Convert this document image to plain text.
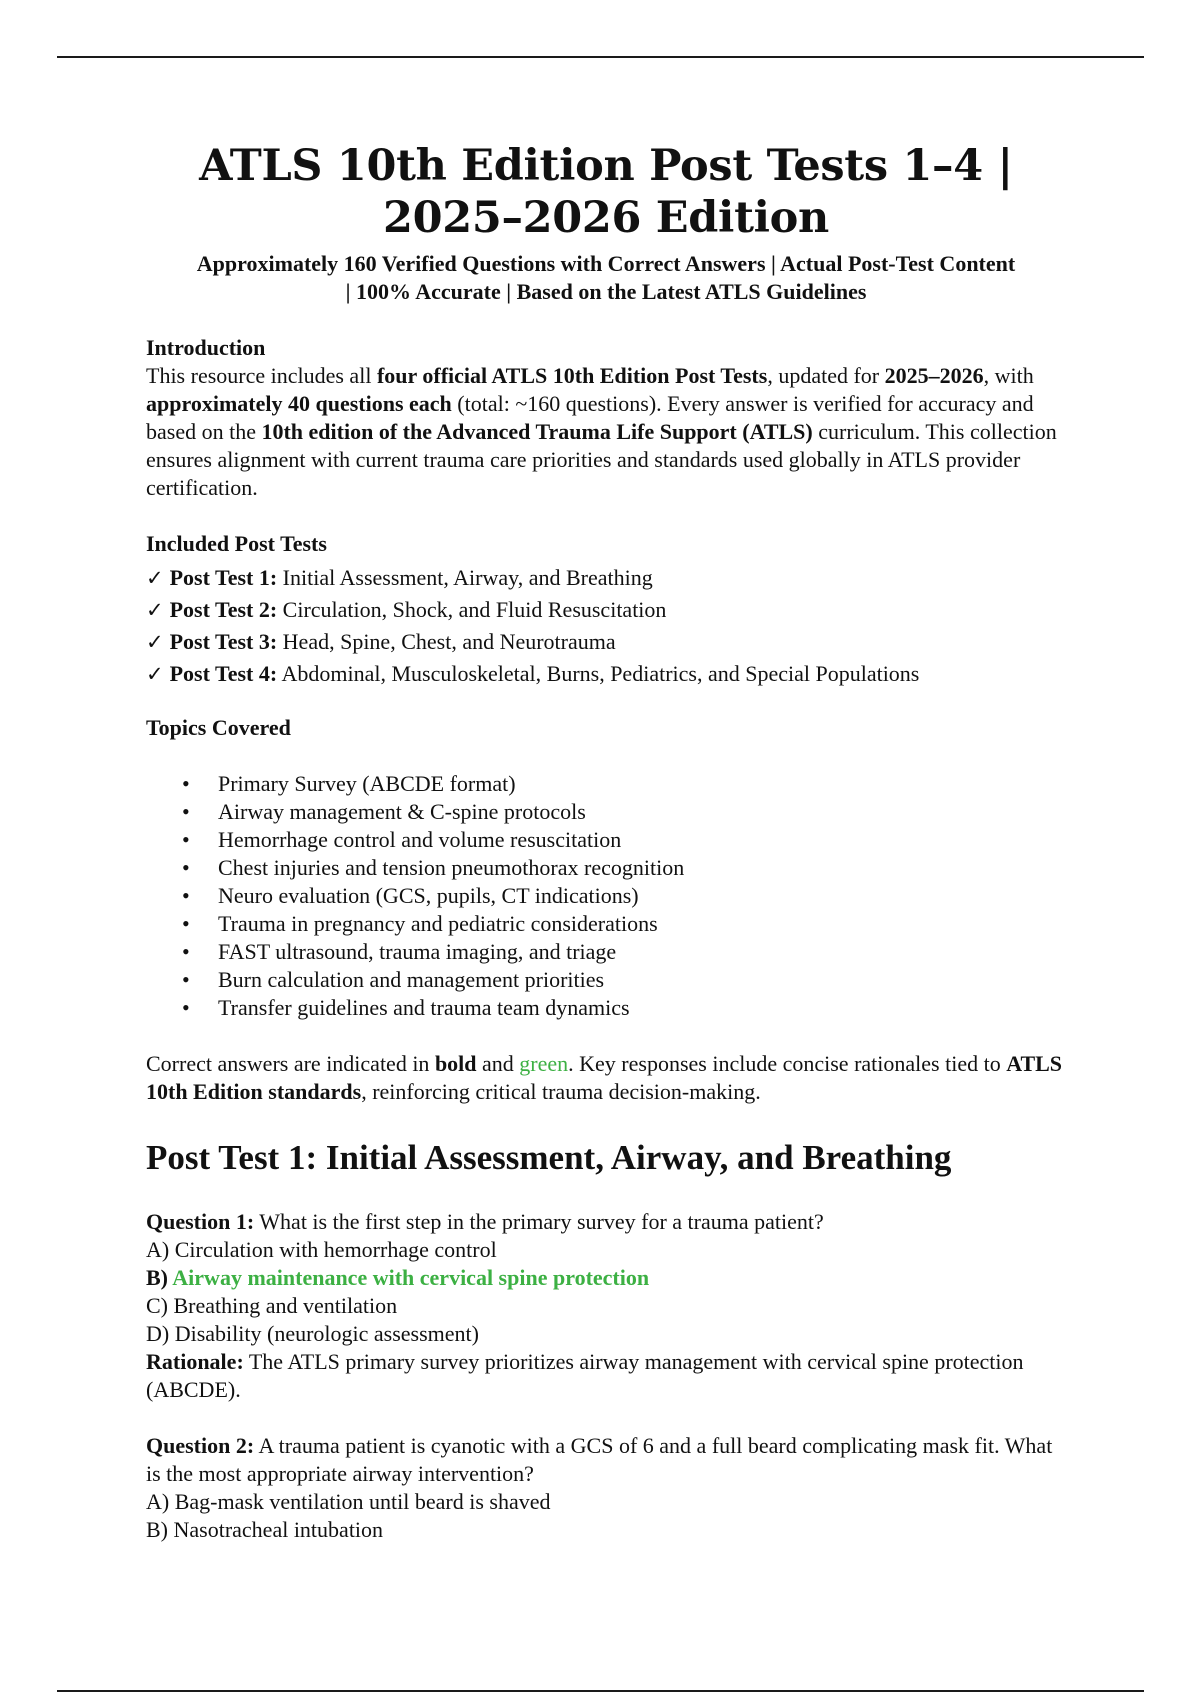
ATLS 10th Edition Post Tests 1–4 |
2025–2026 Edition

Approximately 160 Verified Questions with Correct Answers | Actual Post-Test Content
| 100% Accurate | Based on the Latest ATLS Guidelines

Introduction

This resource includes all four official ATLS 10th Edition Post Tests, updated for 2025–2026, with approximately 40 questions each (total: ~160 questions). Every answer is verified for accuracy and based on the 10th edition of the Advanced Trauma Life Support (ATLS) curriculum. This collection ensures alignment with current trauma care priorities and standards used globally in ATLS provider certification.

Included Post Tests

✓ Post Test 1: Initial Assessment, Airway, and Breathing
✓ Post Test 2: Circulation, Shock, and Fluid Resuscitation
✓ Post Test 3: Head, Spine, Chest, and Neurotrauma
✓ Post Test 4: Abdominal, Musculoskeletal, Burns, Pediatrics, and Special Populations

Topics Covered

• Primary Survey (ABCDE format)
• Airway management & C-spine protocols
• Hemorrhage control and volume resuscitation
• Chest injuries and tension pneumothorax recognition
• Neuro evaluation (GCS, pupils, CT indications)
• Trauma in pregnancy and pediatric considerations
• FAST ultrasound, trauma imaging, and triage
• Burn calculation and management priorities
• Transfer guidelines and trauma team dynamics

Correct answers are indicated in bold and green. Key responses include concise rationales tied to ATLS 10th Edition standards, reinforcing critical trauma decision-making.

Post Test 1: Initial Assessment, Airway, and Breathing

Question 1: What is the first step in the primary survey for a trauma patient?

A) Circulation with hemorrhage control

B) Airway maintenance with cervical spine protection

C) Breathing and ventilation

D) Disability (neurologic assessment)

Rationale: The ATLS primary survey prioritizes airway management with cervical spine protection (ABCDE).

Question 2: A trauma patient is cyanotic with a GCS of 6 and a full beard complicating mask fit. What is the most appropriate airway intervention?

A) Bag-mask ventilation until beard is shaved

B) Nasotracheal intubation
